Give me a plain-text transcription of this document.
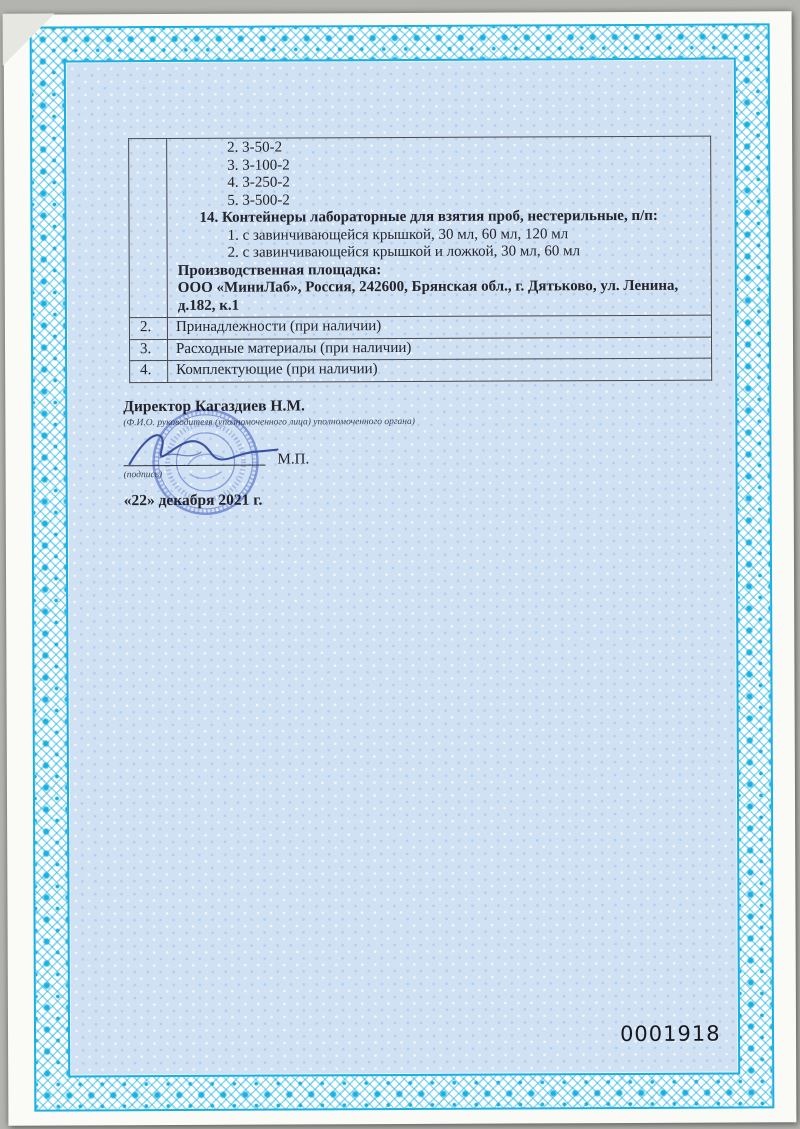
2. 3-50-2
3. 3-100-2
4. 3-250-2
5. 3-500-2
14. Контейнеры лабораторные для взятия проб, нестерильные, п/п:
1. с завинчивающейся крышкой, 30 мл, 60 мл, 120 мл
2. с завинчивающейся крышкой и ложкой, 30 мл, 60 мл
Производственная площадка:
ООО «МиниЛаб», Россия, 242600, Брянская обл., г. Дятьково, ул. Ленина, д.182, к.1

2.	Принадлежности (при наличии)
3.	Расходные материалы (при наличии)
4.	Комплектующие (при наличии)
Директор Кагаздиев Н.М.
(Ф.И.О. руководителя (уполномоченного лица) уполномоченного органа)
М.П.
(подпись)
«22» декабря 2021 г.
0001918
